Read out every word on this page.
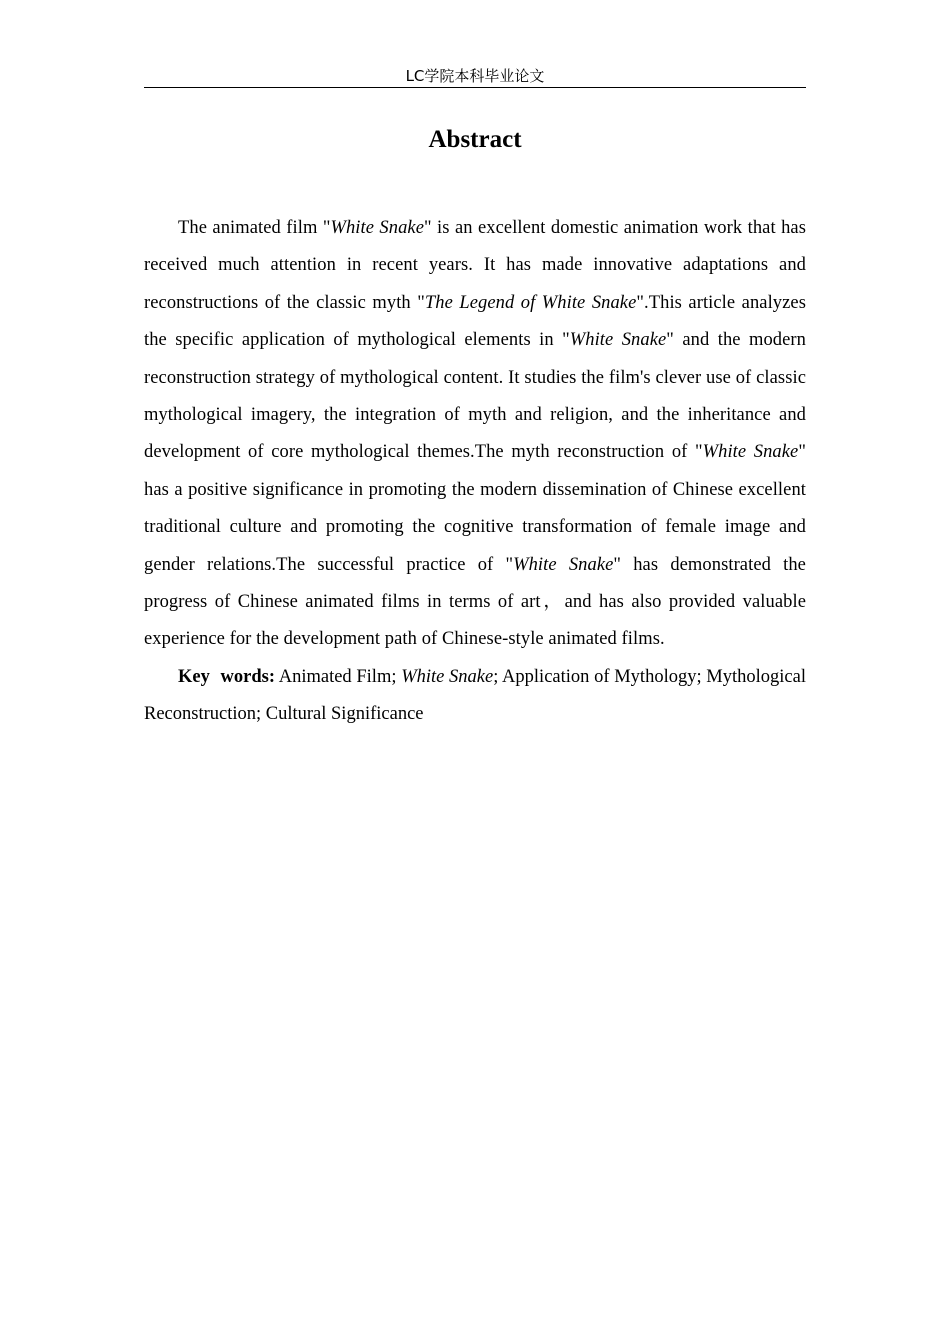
LC学院本科毕业论文
Abstract

The animated film "White Snake" is an excellent domestic animation work that has received much attention in recent years. It has made innovative adaptations and reconstructions of the classic myth "The Legend of White Snake".This article analyzes the specific application of mythological elements in "White Snake" and the modern reconstruction strategy of mythological content. It studies the film's clever use of classic mythological imagery, the integration of myth and religion, and the inheritance and development of core mythological themes.The myth reconstruction of "White Snake" has a positive significance in promoting the modern dissemination of Chinese excellent traditional culture and promoting the cognitive transformation of female image and gender relations.The successful practice of "White Snake" has demonstrated the progress of Chinese animated films in terms of art，and has also provided valuable experience for the development path of Chinese-style animated films.

Key words: Animated Film; White Snake; Application of Mythology; Mythological Reconstruction; Cultural Significance
